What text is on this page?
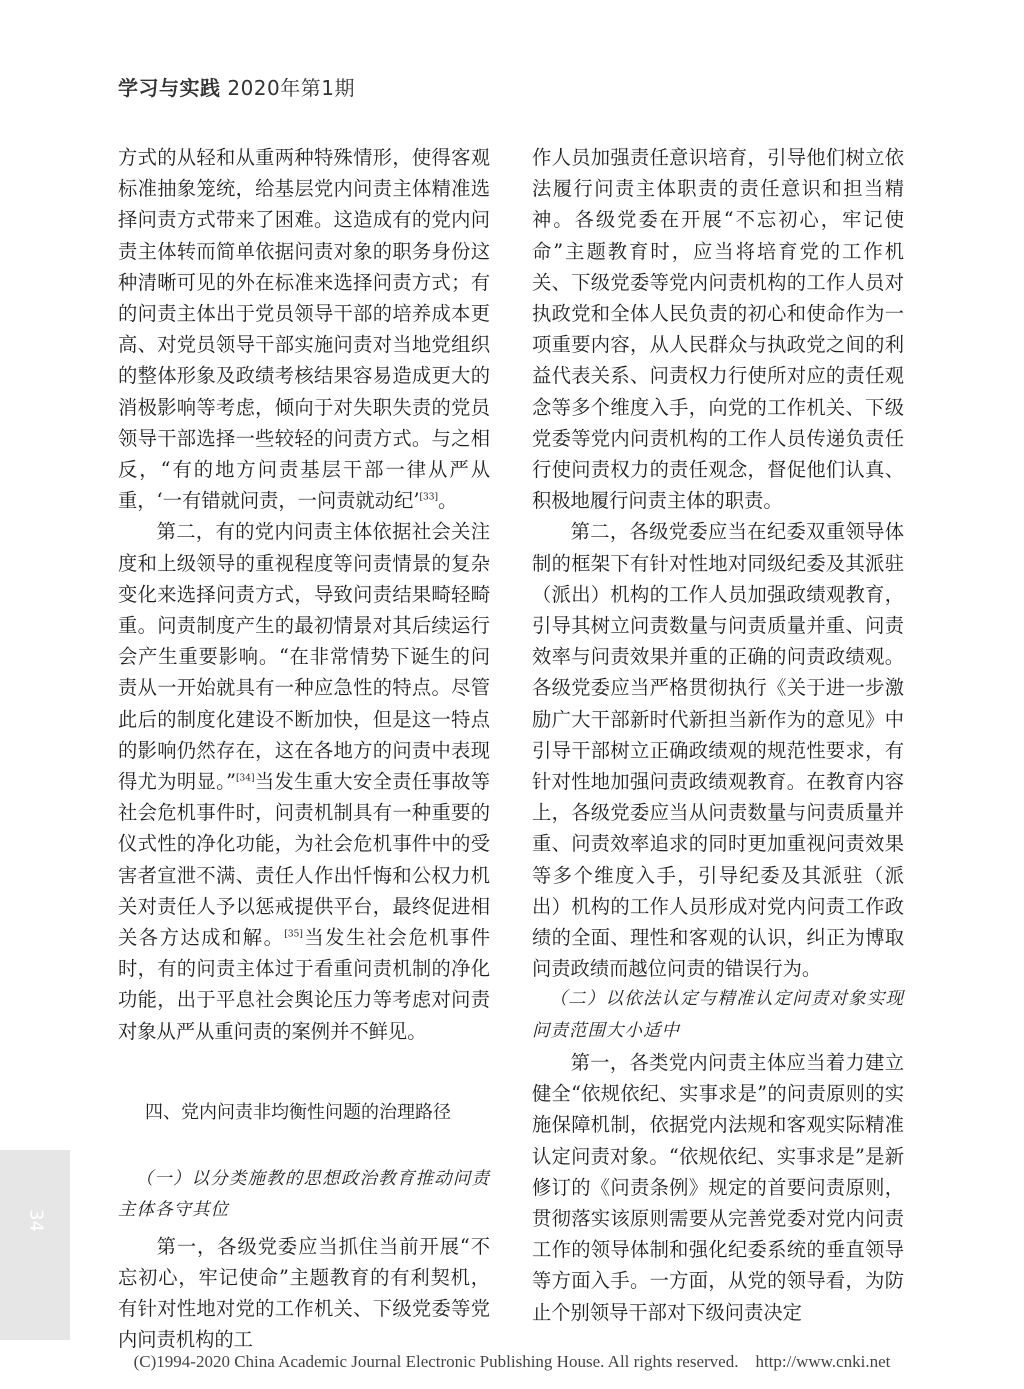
学习与实践 2020年第1期

方式的从轻和从重两种特殊情形，使得客观标准抽象笼统，给基层党内问责主体精准选择问责方式带来了困难。这造成有的党内问责主体转而简单依据问责对象的职务身份这种清晰可见的外在标准来选择问责方式；有的问责主体出于党员领导干部的培养成本更高、对党员领导干部实施问责对当地党组织的整体形象及政绩考核结果容易造成更大的消极影响等考虑，倾向于对失职失责的党员领导干部选择一些较轻的问责方式。与之相反，“有的地方问责基层干部一律从严从重，‘一有错就问责，一问责就动纪’[33]。

第二，有的党内问责主体依据社会关注度和上级领导的重视程度等问责情景的复杂变化来选择问责方式，导致问责结果畸轻畸重。问责制度产生的最初情景对其后续运行会产生重要影响。“在非常情势下诞生的问责从一开始就具有一种应急性的特点。尽管此后的制度化建设不断加快，但是这一特点的影响仍然存在，这在各地方的问责中表现得尤为明显。”[34]当发生重大安全责任事故等社会危机事件时，问责机制具有一种重要的仪式性的净化功能，为社会危机事件中的受害者宣泄不满、责任人作出忏悔和公权力机关对责任人予以惩戒提供平台，最终促进相关各方达成和解。[35]当发生社会危机事件时，有的问责主体过于看重问责机制的净化功能，出于平息社会舆论压力等考虑对问责对象从严从重问责的案例并不鲜见。

四、党内问责非均衡性问题的治理路径

（一）以分类施教的思想政治教育推动问责主体各守其位

第一，各级党委应当抓住当前开展“不忘初心，牢记使命”主题教育的有利契机，有针对性地对党的工作机关、下级党委等党内问责机构的工

作人员加强责任意识培育，引导他们树立依法履行问责主体职责的责任意识和担当精神。各级党委在开展“不忘初心，牢记使命”主题教育时，应当将培育党的工作机关、下级党委等党内问责机构的工作人员对执政党和全体人民负责的初心和使命作为一项重要内容，从人民群众与执政党之间的利益代表关系、问责权力行使所对应的责任观念等多个维度入手，向党的工作机关、下级党委等党内问责机构的工作人员传递负责任行使问责权力的责任观念，督促他们认真、积极地履行问责主体的职责。

第二，各级党委应当在纪委双重领导体制的框架下有针对性地对同级纪委及其派驻（派出）机构的工作人员加强政绩观教育，引导其树立问责数量与问责质量并重、问责效率与问责效果并重的正确的问责政绩观。各级党委应当严格贯彻执行《关于进一步激励广大干部新时代新担当新作为的意见》中引导干部树立正确政绩观的规范性要求，有针对性地加强问责政绩观教育。在教育内容上，各级党委应当从问责数量与问责质量并重、问责效率追求的同时更加重视问责效果等多个维度入手，引导纪委及其派驻（派出）机构的工作人员形成对党内问责工作政绩的全面、理性和客观的认识，纠正为博取问责政绩而越位问责的错误行为。

（二）以依法认定与精准认定问责对象实现问责范围大小适中

第一，各类党内问责主体应当着力建立健全“依规依纪、实事求是”的问责原则的实施保障机制，依据党内法规和客观实际精准认定问责对象。“依规依纪、实事求是”是新修订的《问责条例》规定的首要问责原则，贯彻落实该原则需要从完善党委对党内问责工作的领导体制和强化纪委系统的垂直领导等方面入手。一方面，从党的领导看，为防止个别领导干部对下级问责决定

34
(C)1994-2020 China Academic Journal Electronic Publishing House. All rights reserved. http://www.cnki.net
